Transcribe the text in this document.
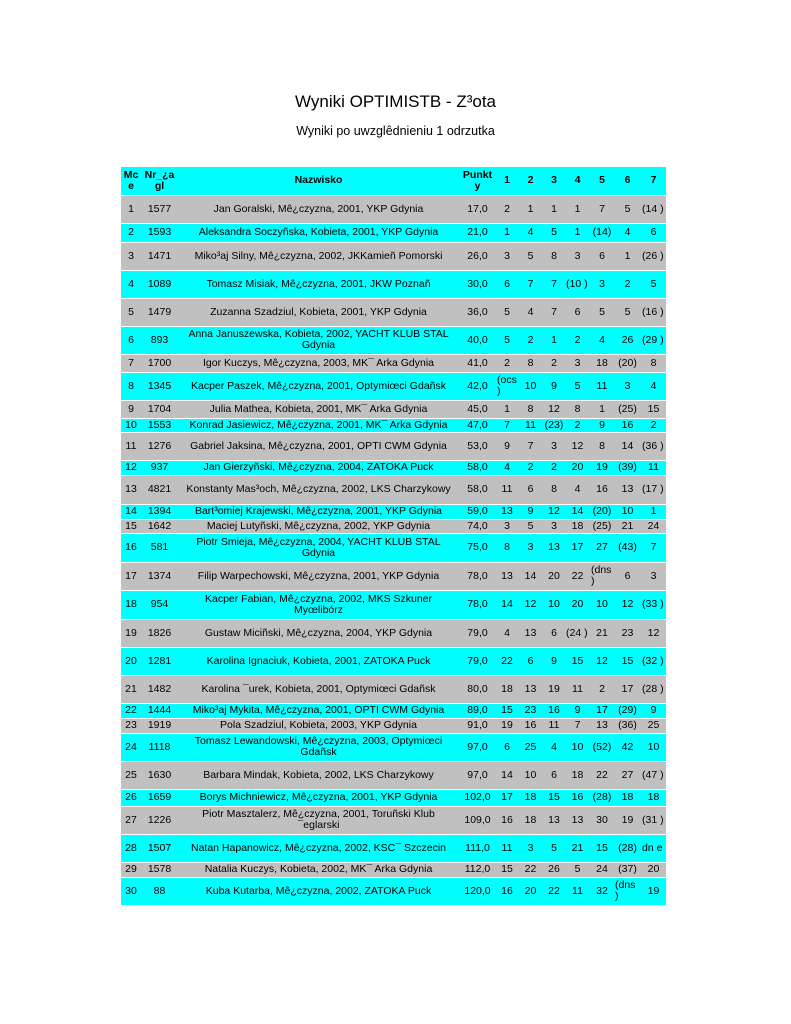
Wyniki OPTIMISTB - Z³ota
Wyniki po uwzglêdnieniu 1 odrzutka
Mc e	Nr_¿a gl	Nazwisko	Punkt y	1	2	3	4	5	6	7
1	1577	Jan Goralski, Mê¿czyzna, 2001, YKP Gdynia	17,0	2	1	1	1	7	5	(14 )
2	1593	Aleksandra Soczyñska, Kobieta, 2001, YKP Gdynia	21,0	1	4	5	1	(14)	4	6
3	1471	Miko³aj Silny, Mê¿czyzna, 2002, JKKamieñ Pomorski	26,0	3	5	8	3	6	1	(26 )
4	1089	Tomasz Misiak, Mê¿czyzna, 2001, JKW Poznañ	30,0	6	7	7	(10 )	3	2	5
5	1479	Zuzanna Szadziul, Kobieta, 2001, YKP Gdynia	36,0	5	4	7	6	5	5	(16 )
6	893	Anna Januszewska, Kobieta, 2002, YACHT KLUB STAL Gdynia	40,0	5	2	1	2	4	26	(29 )
7	1700	Igor Kuczys, Mê¿czyzna, 2003, MK¯ Arka Gdynia	41,0	2	8	2	3	18	(20)	8
8	1345	Kacper Paszek, Mê¿czyzna, 2001, Optymiœci Gdañsk	42,0	(ocs )	10	9	5	11	3	4
9	1704	Julia Mathea, Kobieta, 2001, MK¯ Arka Gdynia	45,0	1	8	12	8	1	(25)	15
10	1553	Konrad Jasiewicz, Mê¿czyzna, 2001, MK¯ Arka Gdynia	47,0	7	11	(23)	2	9	16	2
11	1276	Gabriel Jaksina, Mê¿czyzna, 2001, OPTI CWM Gdynia	53,0	9	7	3	12	8	14	(36 )
12	937	Jan Gierzyñski, Mê¿czyzna, 2004, ZATOKA Puck	58,0	4	2	2	20	19	(39)	11
13	4821	Konstanty Mas³och, Mê¿czyzna, 2002, LKS Charzykowy	58,0	11	6	8	4	16	13	(17 )
14	1394	Bart³omiej Krajewski, Mê¿czyzna, 2001, YKP Gdynia	59,0	13	9	12	14	(20)	10	1
15	1642	Maciej Lutyñski, Mê¿czyzna, 2002, YKP Gdynia	74,0	3	5	3	18	(25)	21	24
16	581	Piotr Smieja, Mê¿czyzna, 2004, YACHT KLUB STAL Gdynia	75,0	8	3	13	17	27	(43)	7
17	1374	Filip Warpechowski, Mê¿czyzna, 2001, YKP Gdynia	78,0	13	14	20	22	(dns )	6	3
18	954	Kacper Fabian, Mê¿czyzna, 2002, MKS Szkuner Myœlibórz	78,0	14	12	10	20	10	12	(33 )
19	1826	Gustaw Miciñski, Mê¿czyzna, 2004, YKP Gdynia	79,0	4	13	6	(24 )	21	23	12
20	1281	Karolina Ignaciuk, Kobieta, 2001, ZATOKA Puck	79,0	22	6	9	15	12	15	(32 )
21	1482	Karolina ¯urek, Kobieta, 2001, Optymiœci Gdañsk	80,0	18	13	19	11	2	17	(28 )
22	1444	Miko³aj Mykita, Mê¿czyzna, 2001, OPTI CWM Gdynia	89,0	15	23	16	9	17	(29)	9
23	1919	Pola Szadziul, Kobieta, 2003, YKP Gdynia	91,0	19	16	11	7	13	(36)	25
24	1118	Tomasz Lewandowski, Mê¿czyzna, 2003, Optymiœci Gdañsk	97,0	6	25	4	10	(52)	42	10
25	1630	Barbara Mindak, Kobieta, 2002, LKS Charzykowy	97,0	14	10	6	18	22	27	(47 )
26	1659	Borys Michniewicz, Mê¿czyzna, 2001, YKP Gdynia	102,0	17	18	15	16	(28)	18	18
27	1226	Piotr Masztalerz, Mê¿czyzna, 2001, Toruñski Klub ¯eglarski	109,0	16	18	13	13	30	19	(31 )
28	1507	Natan Hapanowicz, Mê¿czyzna, 2002, KSC¯ Szczecin	111,0	11	3	5	21	15	(28)	dn e
29	1578	Natalia Kuczys, Kobieta, 2002, MK¯ Arka Gdynia	112,0	15	22	26	5	24	(37)	20
30	88	Kuba Kutarba, Mê¿czyzna, 2002, ZATOKA Puck	120,0	16	20	22	11	32	(dns )	19
